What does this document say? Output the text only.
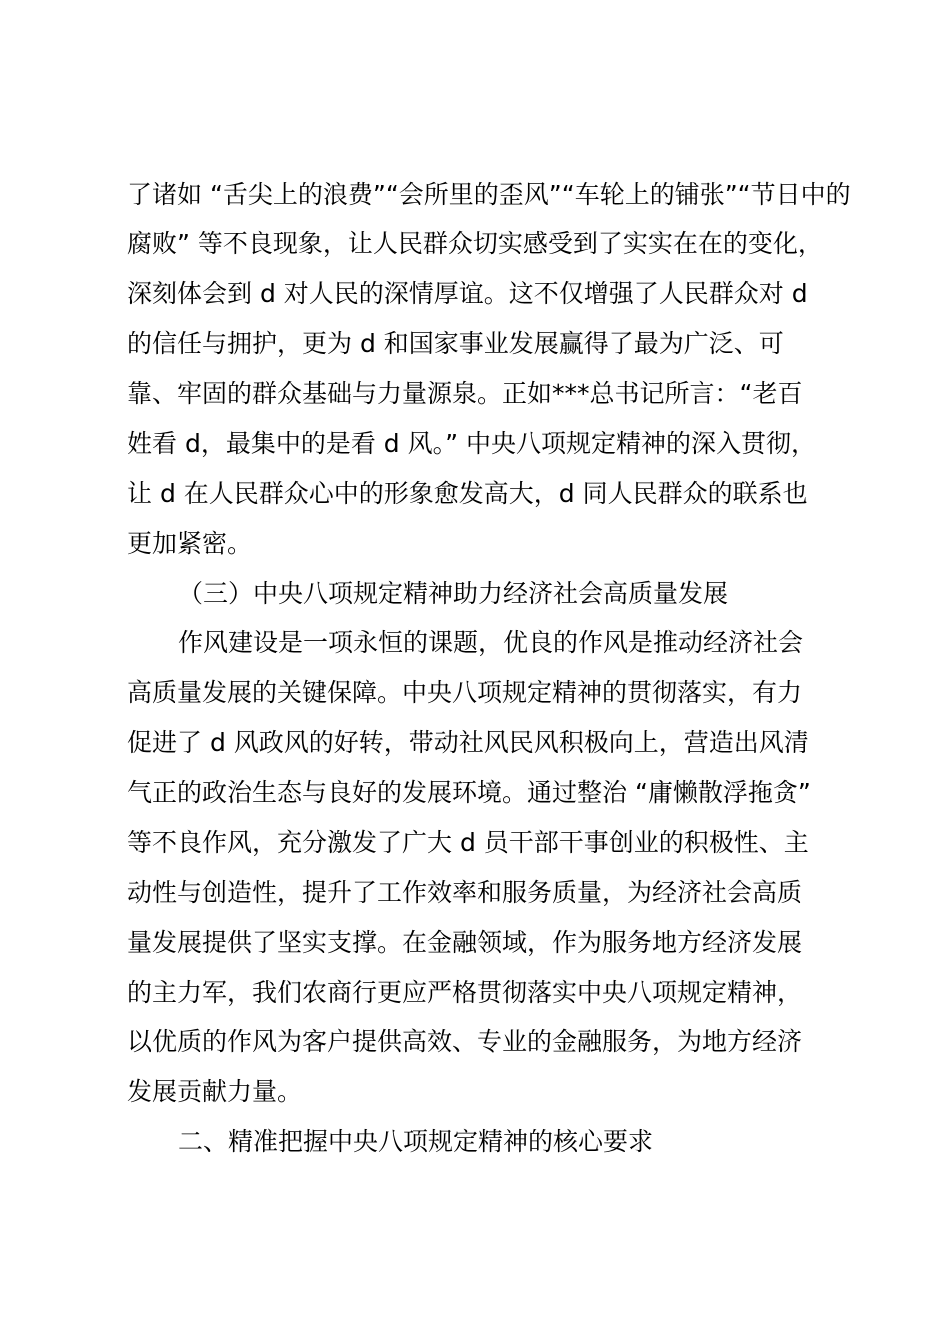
了诸如 “舌尖上的浪费”“会所里的歪风”“车轮上的铺张”“节日中的
腐败” 等不良现象，让人民群众切实感受到了实实在在的变化，
深刻体会到 d 对人民的深情厚谊。这不仅增强了人民群众对 d
的信任与拥护，更为 d 和国家事业发展赢得了最为广泛、可
靠、牢固的群众基础与力量源泉。正如***总书记所言：“老百
姓看 d，最集中的是看 d 风。” 中央八项规定精神的深入贯彻，
让 d 在人民群众心中的形象愈发高大，d 同人民群众的联系也
更加紧密。
（三）中央八项规定精神助力经济社会高质量发展
作风建设是一项永恒的课题，优良的作风是推动经济社会
高质量发展的关键保障。中央八项规定精神的贯彻落实，有力
促进了 d 风政风的好转，带动社风民风积极向上，营造出风清
气正的政治生态与良好的发展环境。通过整治 “庸懒散浮拖贪”
等不良作风，充分激发了广大 d 员干部干事创业的积极性、主
动性与创造性，提升了工作效率和服务质量，为经济社会高质
量发展提供了坚实支撑。在金融领域，作为服务地方经济发展
的主力军，我们农商行更应严格贯彻落实中央八项规定精神，
以优质的作风为客户提供高效、专业的金融服务，为地方经济
发展贡献力量。
二、精准把握中央八项规定精神的核心要求
